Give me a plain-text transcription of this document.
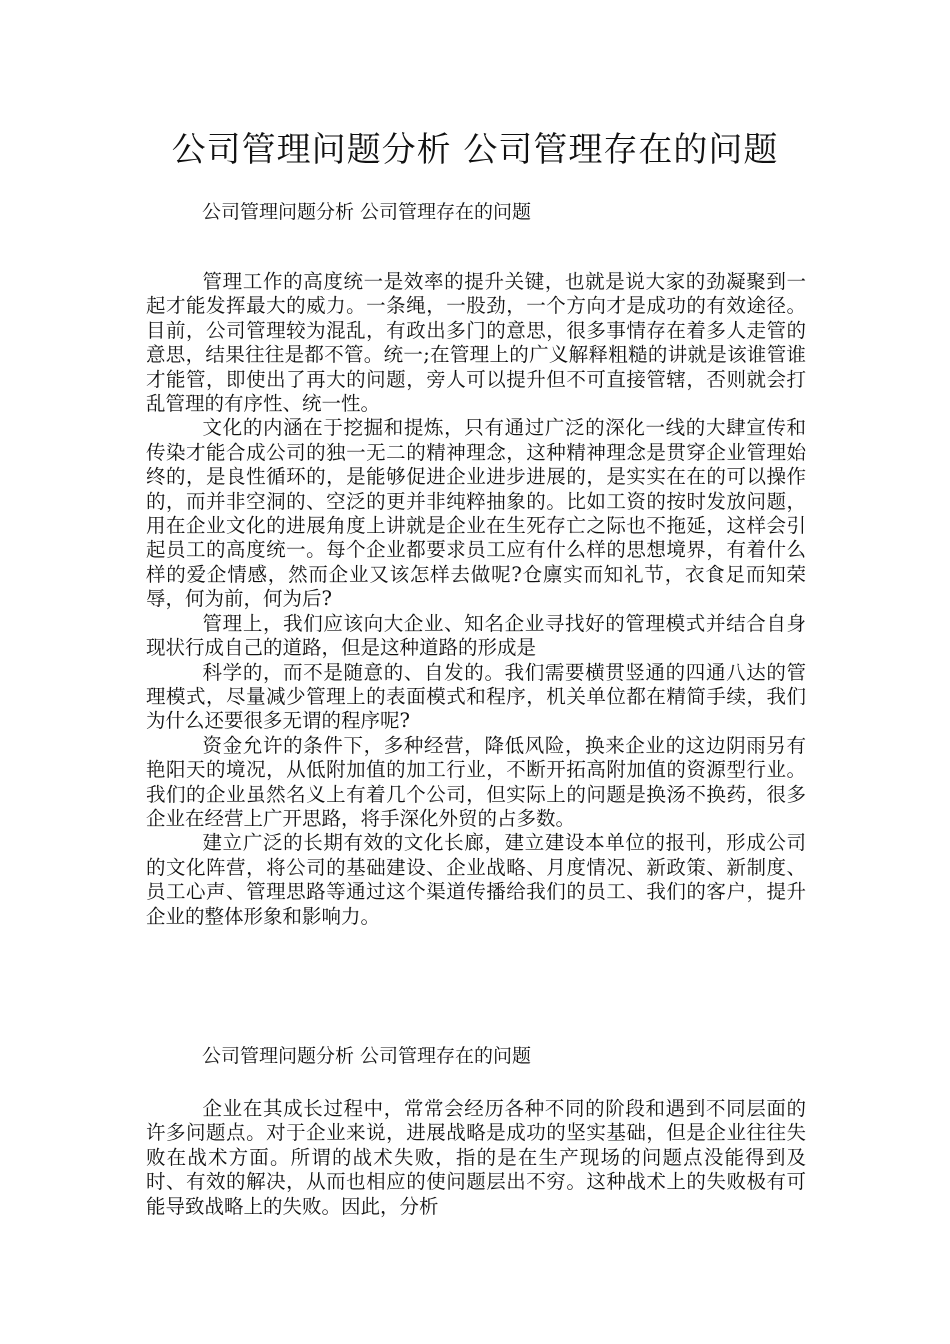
公司管理问题分析 公司管理存在的问题
公司管理问题分析 公司管理存在的问题

管理工作的高度统一是效率的提升关键，也就是说大家的劲凝聚到一起才能发挥最大的威力。一条绳，一股劲，一个方向才是成功的有效途径。目前，公司管理较为混乱，有政出多门的意思，很多事情存在着多人走管的意思，结果往往是都不管。统一;在管理上的广义解释粗糙的讲就是该谁管谁才能管，即使出了再大的问题，旁人可以提升但不可直接管辖，否则就会打乱管理的有序性、统一性。

文化的内涵在于挖掘和提炼，只有通过广泛的深化一线的大肆宣传和传染才能合成公司的独一无二的精神理念，这种精神理念是贯穿企业管理始终的，是良性循环的，是能够促进企业进步进展的，是实实在在的可以操作的，而并非空洞的、空泛的更并非纯粹抽象的。比如工资的按时发放问题，用在企业文化的进展角度上讲就是企业在生死存亡之际也不拖延，这样会引起员工的高度统一。每个企业都要求员工应有什么样的思想境界，有着什么样的爱企情感，然而企业又该怎样去做呢?仓廪实而知礼节，衣食足而知荣辱，何为前，何为后?

管理上，我们应该向大企业、知名企业寻找好的管理模式并结合自身现状行成自己的道路，但是这种道路的形成是

科学的，而不是随意的、自发的。我们需要横贯竖通的四通八达的管理模式，尽量减少管理上的表面模式和程序，机关单位都在精简手续，我们为什么还要很多无谓的程序呢?

资金允许的条件下，多种经营，降低风险，换来企业的这边阴雨另有艳阳天的境况，从低附加值的加工行业，不断开拓高附加值的资源型行业。我们的企业虽然名义上有着几个公司，但实际上的问题是换汤不换药，很多企业在经营上广开思路，将手深化外贸的占多数。

建立广泛的长期有效的文化长廊，建立建设本单位的报刊，形成公司的文化阵营，将公司的基础建设、企业战略、月度情况、新政策、新制度、员工心声、管理思路等通过这个渠道传播给我们的员工、我们的客户，提升企业的整体形象和影响力。

公司管理问题分析 公司管理存在的问题

企业在其成长过程中，常常会经历各种不同的阶段和遇到不同层面的许多问题点。对于企业来说，进展战略是成功的坚实基础，但是企业往往失败在战术方面。所谓的战术失败，指的是在生产现场的问题点没能得到及时、有效的解决，从而也相应的使问题层出不穷。这种战术上的失败极有可能导致战略上的失败。因此，分析
